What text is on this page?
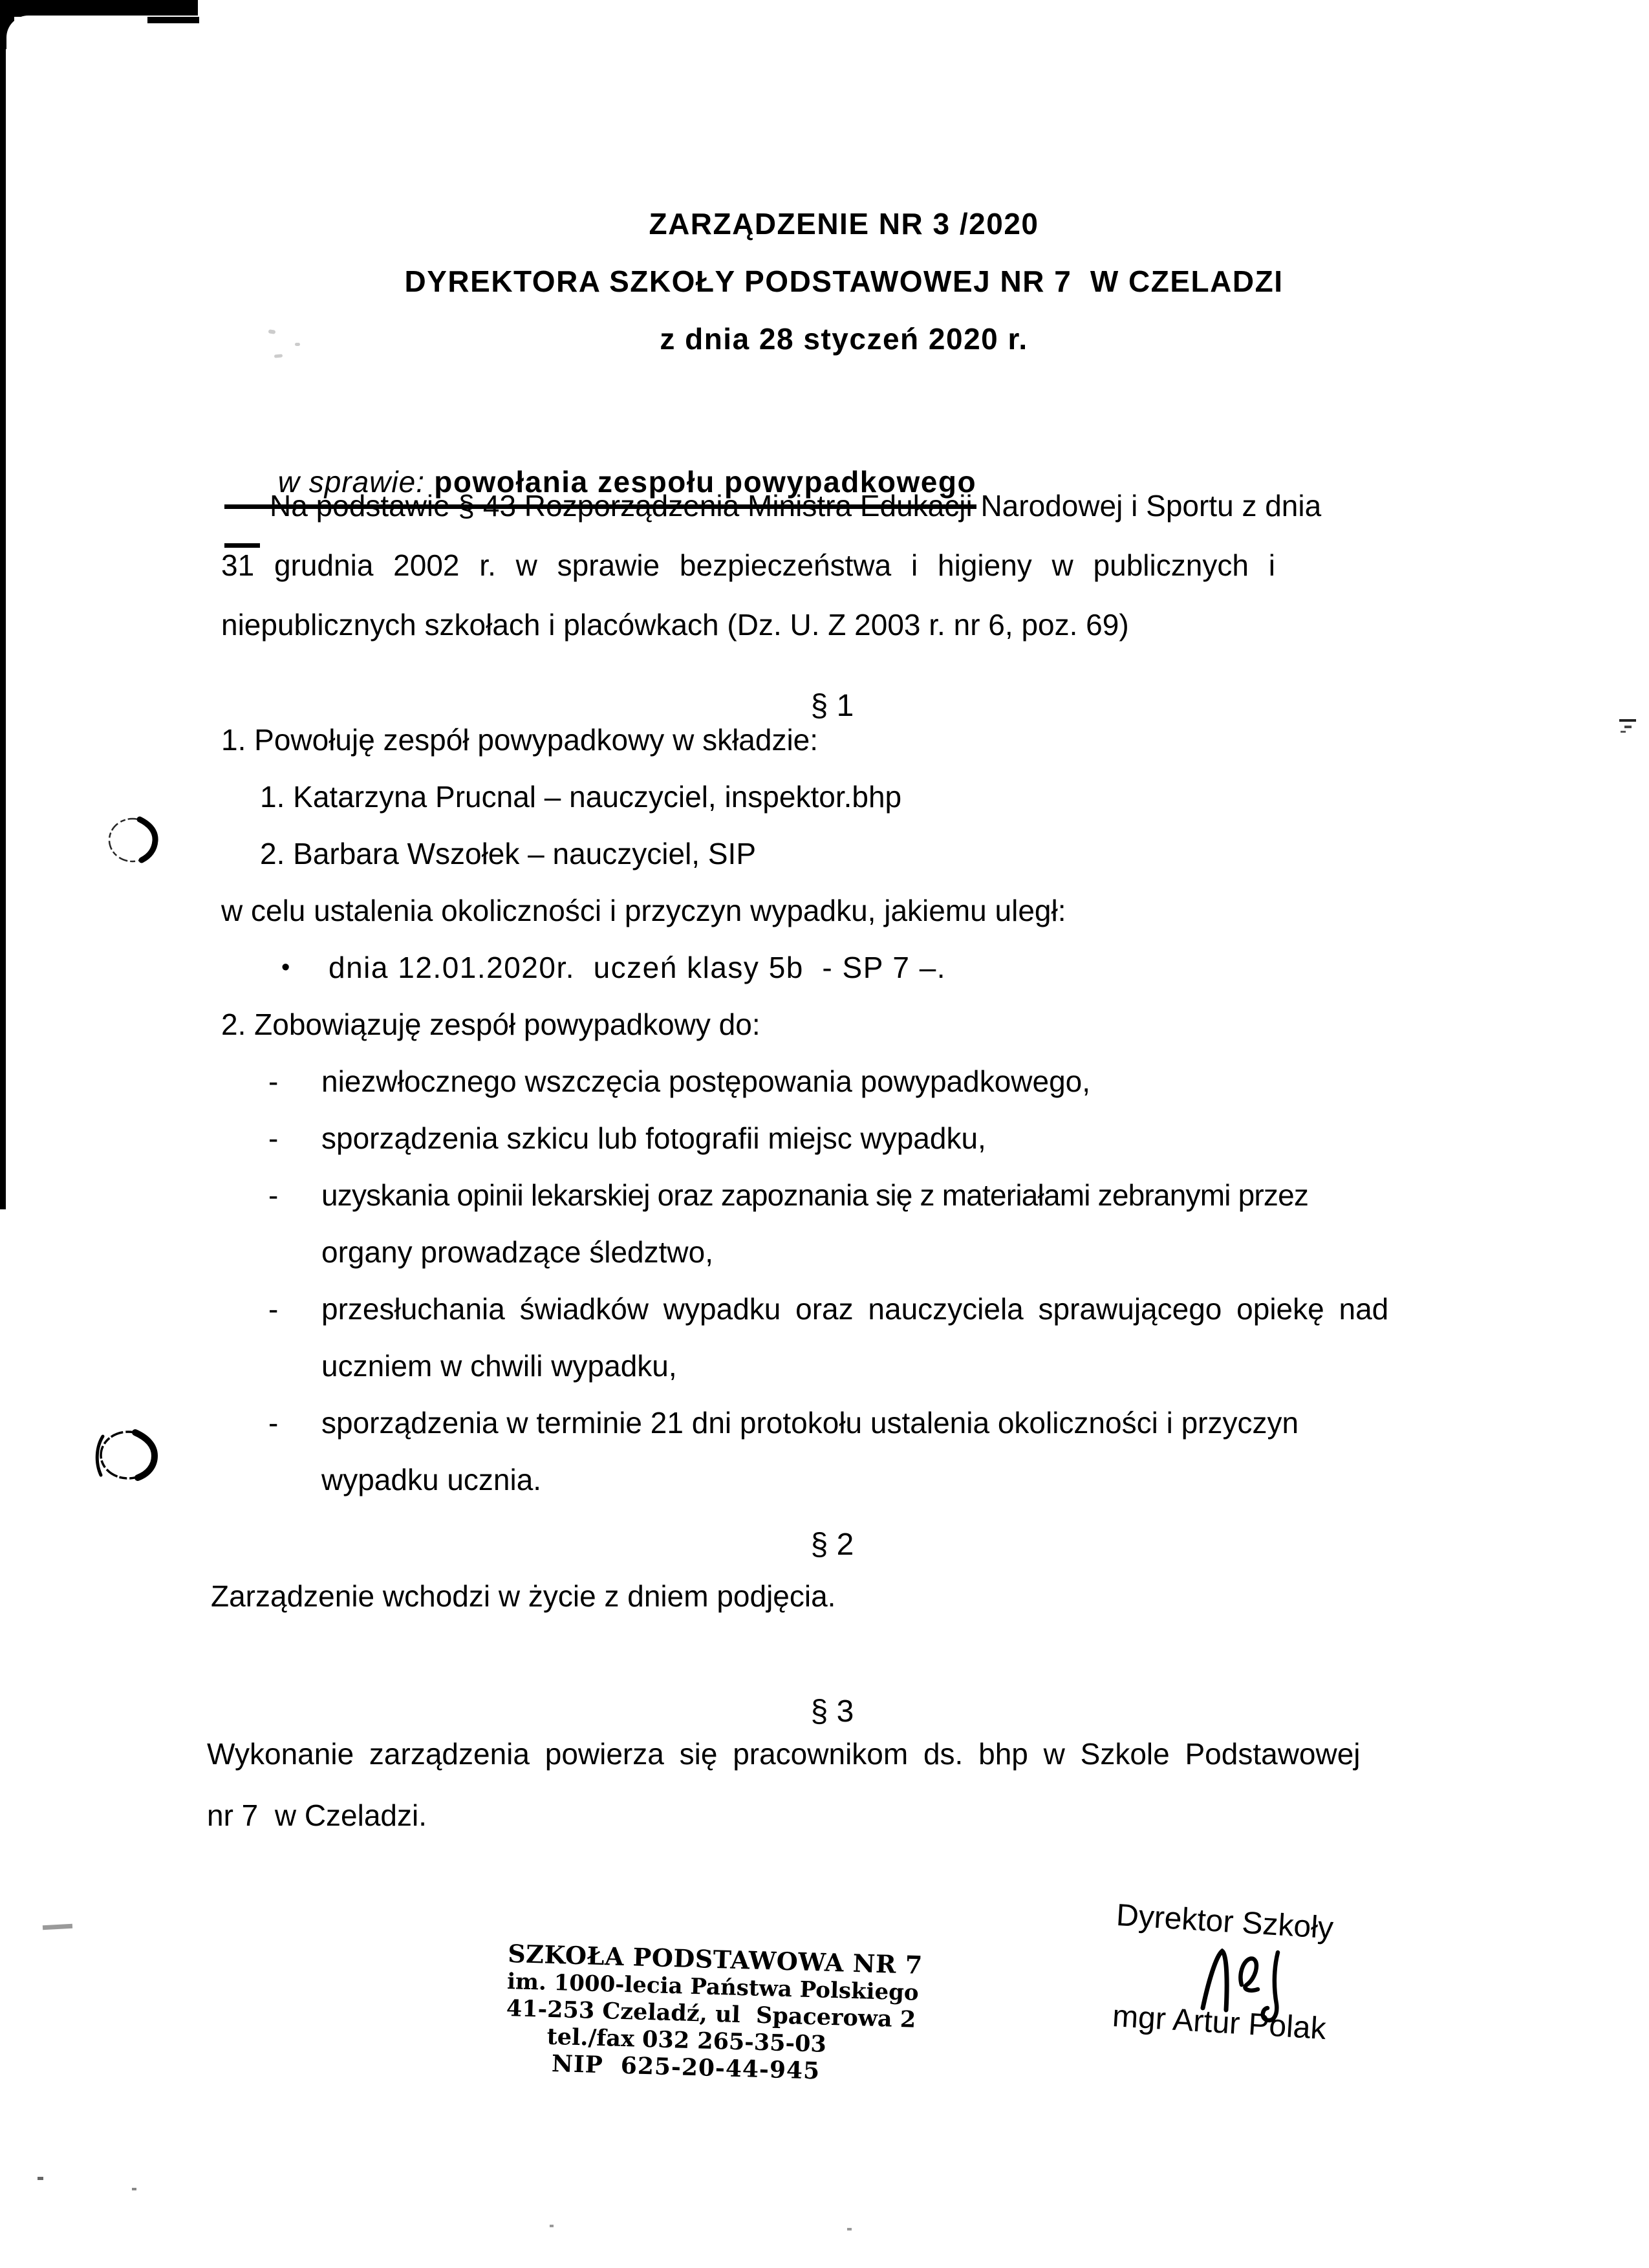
ZARZĄDZENIE NR 3 /2020
DYREKTORA SZKOŁY PODSTAWOWEJ NR 7  W CZELADZI
z dnia 28 styczeń 2020 r.

w sprawie: powołania zespołu powypadkowego

Na podstawie § 43 Rozporządzenia Ministra Edukacji Narodowej i Sportu z dnia
31 grudnia 2002 r. w sprawie bezpieczeństwa i higieny w publicznych i
niepublicznych szkołach i placówkach (Dz. U. Z 2003 r. nr 6, poz. 69)
§ 1
1. Powołuję zespół powypadkowy w składzie:
1. Katarzyna Prucnal – nauczyciel, inspektor.bhp
2. Barbara Wszołek – nauczyciel, SIP
w celu ustalenia okoliczności i przyczyn wypadku, jakiemu uległ:
• dnia 12.01.2020r.  uczeń klasy 5b  - SP 7 –.
2. Zobowiązuję zespół powypadkowy do:
- niezwłocznego wszczęcia postępowania powypadkowego,
- sporządzenia szkicu lub fotografii miejsc wypadku,
- uzyskania opinii lekarskiej oraz zapoznania się z materiałami zebranymi przez
organy prowadzące śledztwo,
- przesłuchania świadków wypadku oraz nauczyciela sprawującego opiekę nad
uczniem w chwili wypadku,
- sporządzenia w terminie 21 dni protokołu ustalenia okoliczności i przyczyn
wypadku ucznia.
§ 2
Zarządzenie wchodzi w życie z dniem podjęcia.
§ 3
Wykonanie zarządzenia powierza się pracownikom ds. bhp w Szkole Podstawowej
nr 7  w Czeladzi.
SZKOŁA PODSTAWOWA NR 7
im. 1000-lecia Państwa Polskiego
41-253 Czeladź, ul  Spacerowa 2
tel./fax 032 265-35-03
NIP  625-20-44-945
Dyrektor Szkoły
mgr Artur Polak
